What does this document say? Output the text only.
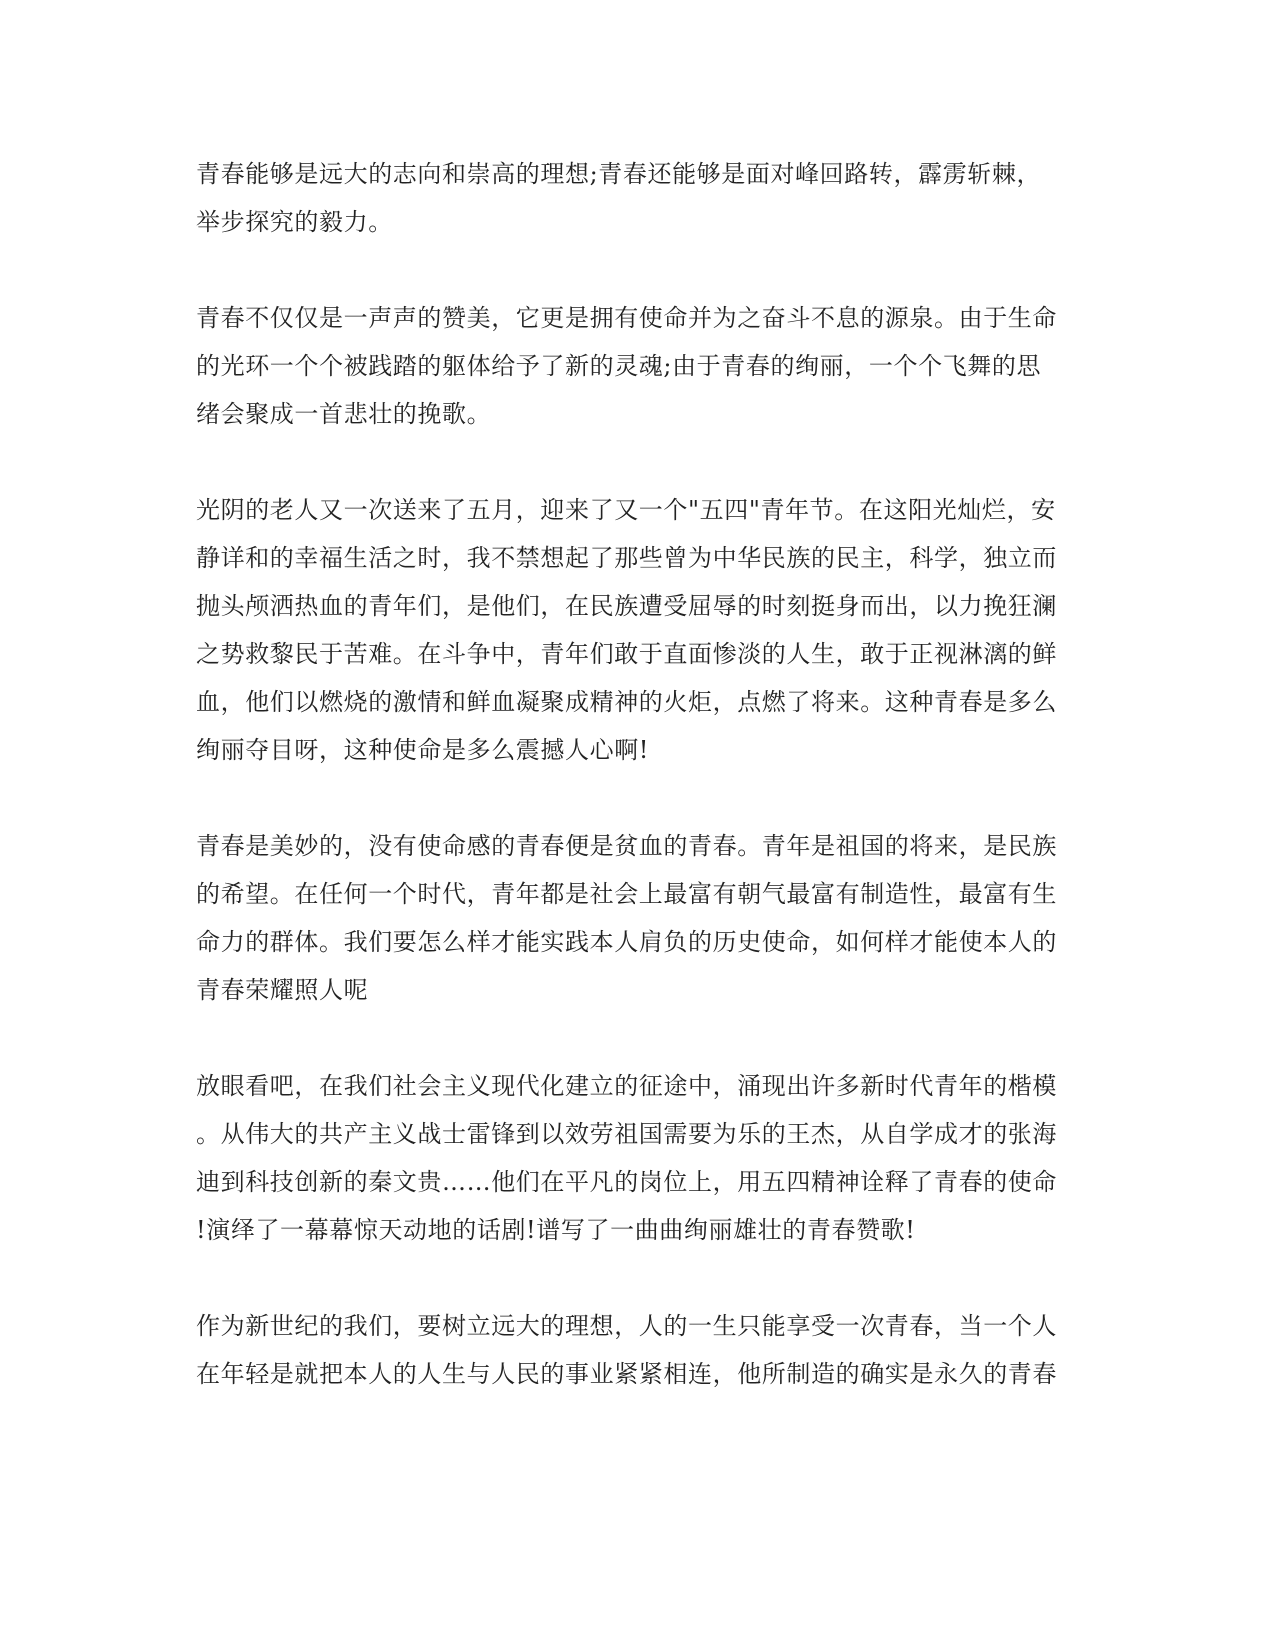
青春能够是远大的志向和崇高的理想;青春还能够是面对峰回路转，霹雳斩棘，
举步探究的毅力。
青春不仅仅是一声声的赞美，它更是拥有使命并为之奋斗不息的源泉。由于生命
的光环一个个被践踏的躯体给予了新的灵魂;由于青春的绚丽，一个个飞舞的思
绪会聚成一首悲壮的挽歌。
光阴的老人又一次送来了五月，迎来了又一个"五四"青年节。在这阳光灿烂，安
静详和的幸福生活之时，我不禁想起了那些曾为中华民族的民主，科学，独立而
抛头颅洒热血的青年们，是他们，在民族遭受屈辱的时刻挺身而出，以力挽狂澜
之势救黎民于苦难。在斗争中，青年们敢于直面惨淡的人生，敢于正视淋漓的鲜
血，他们以燃烧的激情和鲜血凝聚成精神的火炬，点燃了将来。这种青春是多么
绚丽夺目呀，这种使命是多么震撼人心啊!
青春是美妙的，没有使命感的青春便是贫血的青春。青年是祖国的将来，是民族
的希望。在任何一个时代，青年都是社会上最富有朝气最富有制造性，最富有生
命力的群体。我们要怎么样才能实践本人肩负的历史使命，如何样才能使本人的
青春荣耀照人呢
放眼看吧，在我们社会主义现代化建立的征途中，涌现出许多新时代青年的楷模
。从伟大的共产主义战士雷锋到以效劳祖国需要为乐的王杰，从自学成才的张海
迪到科技创新的秦文贵……他们在平凡的岗位上，用五四精神诠释了青春的使命
!演绎了一幕幕惊天动地的话剧!谱写了一曲曲绚丽雄壮的青春赞歌!
作为新世纪的我们，要树立远大的理想，人的一生只能享受一次青春，当一个人
在年轻是就把本人的人生与人民的事业紧紧相连，他所制造的确实是永久的青春
